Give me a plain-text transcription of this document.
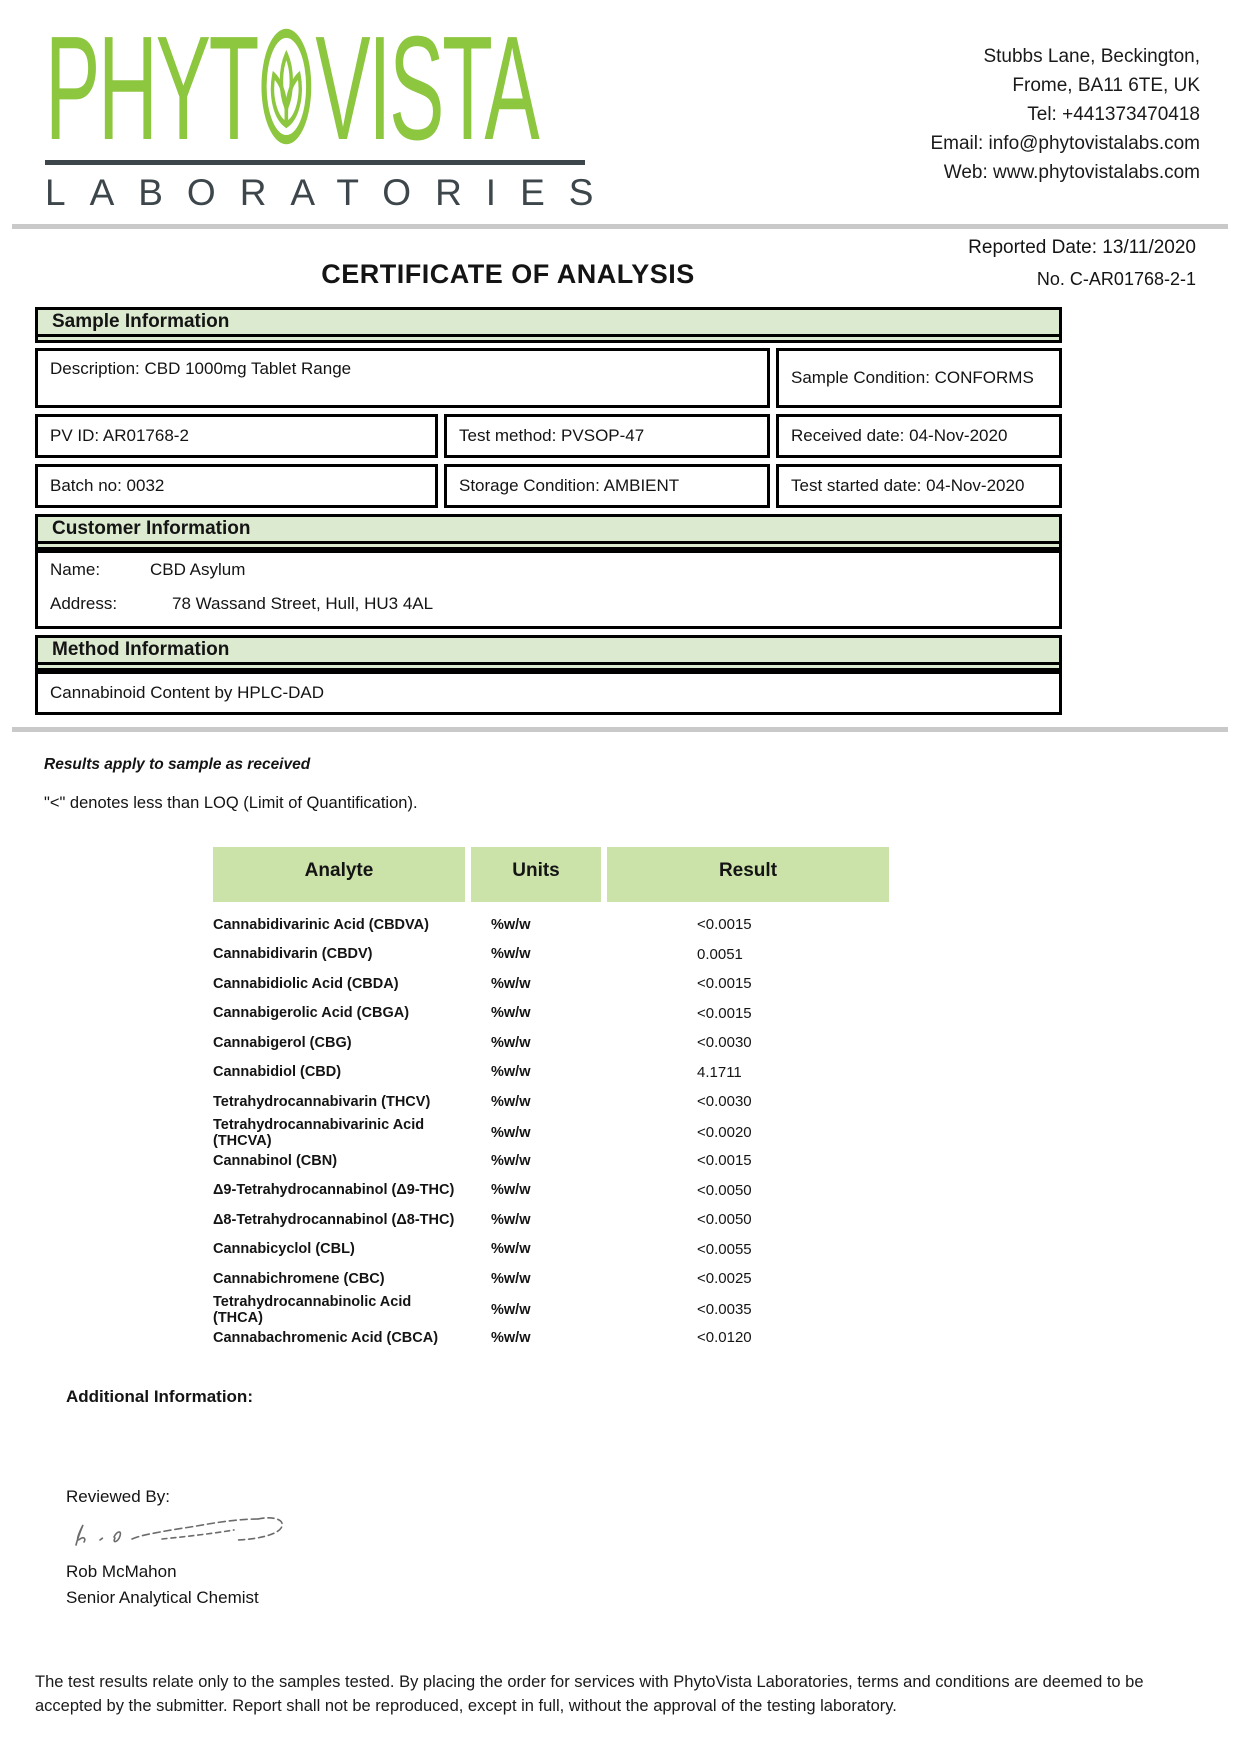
PHYT VISTA
LABORATORIES
Stubbs Lane, Beckington,
Frome, BA11 6TE, UK
Tel: +441373470418
Email: info@phytovistalabs.com
Web: www.phytovistalabs.com
Reported Date: 13/11/2020
CERTIFICATE OF ANALYSIS	No. C-AR01768-2-1
Sample Information
Description: CBD 1000mg Tablet Range	Sample Condition: CONFORMS
PV ID: AR01768-2	Test method: PVSOP-47	Received date: 04-Nov-2020
Batch no: 0032	Storage Condition: AMBIENT	Test started date: 04-Nov-2020
Customer Information
Name:	CBD Asylum
Address:	78 Wassand Street, Hull, HU3 4AL
Method Information
Cannabinoid Content by HPLC-DAD
Results apply to sample as received
"<" denotes less than LOQ (Limit of Quantification).
Analyte	Units	Result
Cannabidivarinic Acid (CBDVA)	%w/w	<0.0015
Cannabidivarin (CBDV)	%w/w	0.0051
Cannabidiolic Acid (CBDA)	%w/w	<0.0015
Cannabigerolic Acid (CBGA)	%w/w	<0.0015
Cannabigerol (CBG)	%w/w	<0.0030
Cannabidiol (CBD)	%w/w	4.1711
Tetrahydrocannabivarin (THCV)	%w/w	<0.0030
Tetrahydrocannabivarinic Acid (THCVA)	%w/w	<0.0020
Cannabinol (CBN)	%w/w	<0.0015
Δ9-Tetrahydrocannabinol (Δ9-THC)	%w/w	<0.0050
Δ8-Tetrahydrocannabinol (Δ8-THC)	%w/w	<0.0050
Cannabicyclol (CBL)	%w/w	<0.0055
Cannabichromene (CBC)	%w/w	<0.0025
Tetrahydrocannabinolic Acid (THCA)	%w/w	<0.0035
Cannabachromenic Acid (CBCA)	%w/w	<0.0120
Additional Information:
Reviewed By:
Rob McMahon
Senior Analytical Chemist
The test results relate only to the samples tested. By placing the order for services with PhytoVista Laboratories, terms and conditions are deemed to be accepted by the submitter. Report shall not be reproduced, except in full, without the approval of the testing laboratory.
